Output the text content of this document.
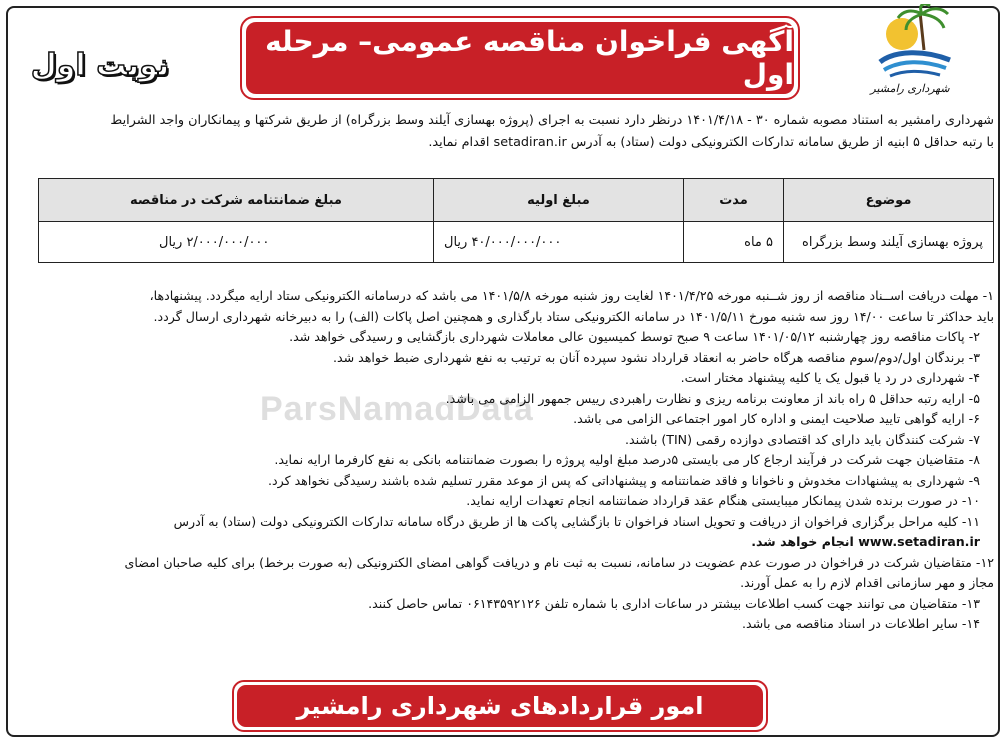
نوبت اول
آگهی فراخوان مناقصه عمومی– مرحله اول	شهرداری رامشیر
شهرداری رامشیر به استناد مصوبه شماره ۳۰ - ۱۴۰۱/۴/۱۸ درنظر دارد نسبت به اجرای (پروژه بهسازی آیلند وسط بزرگراه) از طریق شرکتها و پیمانکاران واجد الشرایط
با رتبه حداقل ۵ ابنیه از طریق سامانه تدارکات الکترونیکی دولت (ستاد) به آدرس setadiran.ir اقدام نماید.
موضوع	مدت	مبلغ اولیه	مبلغ ضمانتنامه شرکت در مناقصه
پروژه بهسازی آیلند وسط بزرگراه	۵ ماه	۴۰/۰۰۰/۰۰۰/۰۰۰ ریال	۲/۰۰۰/۰۰۰/۰۰۰ ریال
ParsNamadData
۱- مهلت دریافت اســناد مناقصه از روز شــنبه مورخه ۱۴۰۱/۴/۲۵ لغایت روز شنبه مورخه ۱۴۰۱/۵/۸ می باشد که درسامانه الکترونیکی ستاد ارایه میگردد. پیشنهادها،
باید حداکثر تا ساعت ۱۴/۰۰ روز سه شنبه مورخ ۱۴۰۱/۵/۱۱ در سامانه الکترونیکی ستاد بارگذاری و همچنین اصل پاکات (الف) را به دبیرخانه شهرداری ارسال گردد.
۲- پاکات مناقصه روز چهارشنبه ۱۴۰۱/۰۵/۱۲ ساعت ۹ صبح توسط کمیسیون عالی معاملات شهرداری بازگشایی و رسیدگی خواهد شد.
۳- برندگان اول/دوم/سوم مناقصه هرگاه حاضر به انعقاد قرارداد نشود سپرده آنان به ترتیب به نفع شهرداری ضبط خواهد شد.
۴- شهرداری در رد یا قبول یک یا کلیه پیشنهاد مختار است.
۵- ارایه رتبه حداقل ۵ راه باند از معاونت برنامه ریزی و نظارت راهبردی رییس جمهور الزامی می باشد.
۶- ارایه گواهی تایید صلاحیت ایمنی و اداره کار امور اجتماعی الزامی می باشد.
۷- شرکت کنندگان باید دارای کد اقتصادی دوازده رقمی (TIN) باشند.
۸- متقاضیان جهت شرکت در فرآیند ارجاع کار می بایستی ۵درصد مبلغ اولیه پروژه را بصورت ضمانتنامه بانکی به نفع کارفرما ارایه نماید.
۹- شهرداری به پیشنهادات مخدوش و ناخوانا و فاقد ضمانتنامه و پیشنهاداتی که پس از موعد مقرر تسلیم شده باشند رسیدگی نخواهد کرد.
۱۰- در صورت برنده شدن پیمانکار میبایستی هنگام عقد قرارداد ضمانتنامه انجام تعهدات ارایه نماید.
۱۱- کلیه مراحل برگزاری فراخوان از دریافت و تحویل اسناد فراخوان تا بازگشایی پاکت ها از طریق درگاه سامانه تدارکات الکترونیکی دولت (ستاد) به آدرس
www.setadiran.ir انجام خواهد شد.
۱۲- متقاضیان شرکت در فراخوان در صورت عدم عضویت در سامانه، نسبت به ثبت نام و دریافت گواهی امضای الکترونیکی (به صورت برخط) برای کلیه صاحبان امضای
مجاز و مهر سازمانی اقدام لازم را به عمل آورند.
۱۳- متقاضیان می توانند جهت کسب اطلاعات بیشتر در ساعات اداری با شماره تلفن ۰۶۱۴۳۵۹۲۱۲۶ تماس حاصل کنند.
۱۴- سایر اطلاعات در اسناد مناقصه می باشد.
امور قراردادهای شهرداری رامشیر
